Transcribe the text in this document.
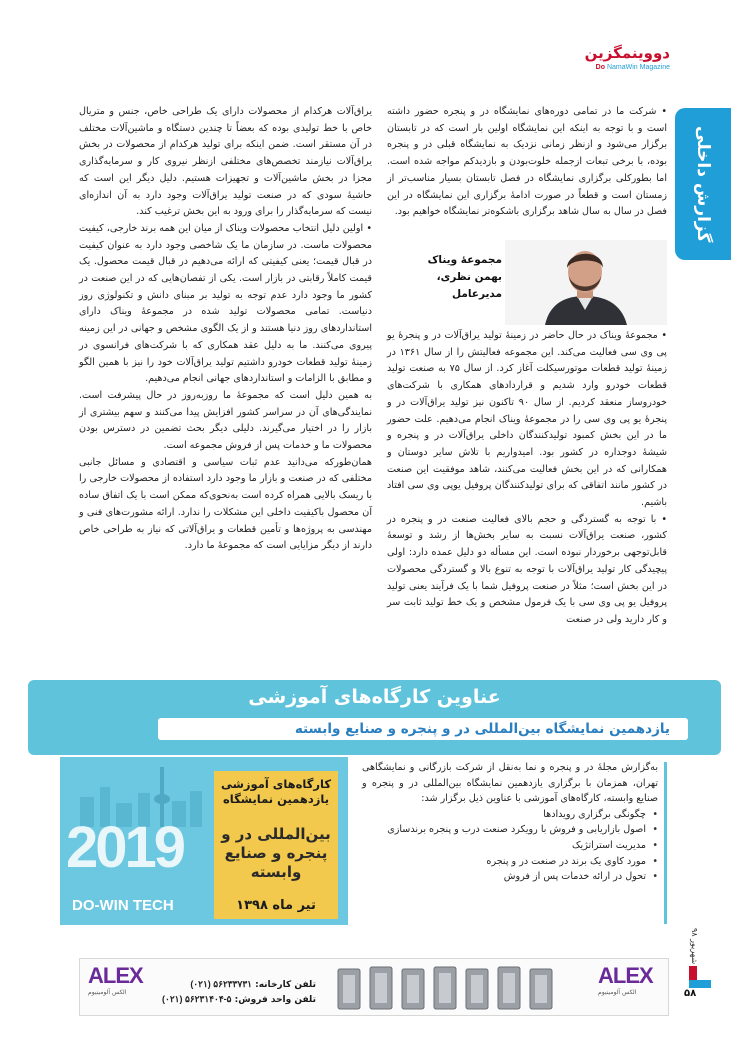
دووینمگزین
Do NamaWin Magazine
گزارش داخلی

• شرکت ما در تمامی دوره‌های نمایشگاه در و پنجره حضور داشته است و با توجه به اینکه این نمایشگاه اولین بار است که در تابستان برگزار می‌شود و ازنظر زمانی نزدیک به نمایشگاه قبلی در و پنجره بوده، با برخی تبعات ازجمله خلوت‌بودن و بازدیدکم مواجه شده است. اما بطورکلی برگزاری نمایشگاه در فصل تابستان بسیار مناسب‌تر از زمستان است و قطعاً در صورت ادامهٔ برگزاری این نمایشگاه در این فصل در سال به سال شاهد برگزاری باشکوه‌تر نمایشگاه خواهیم بود.

مجموعهٔ ویناک
بهمن نظری،
مدیرعامل

• مجموعهٔ ویناک در حال حاضر در زمینهٔ تولید یراق‌آلات در و پنجرهٔ یو پی وی سی فعالیت می‌کند. این مجموعه فعالیتش را از سال ۱۳۶۱ در زمینهٔ تولید قطعات موتورسیکلت آغاز کرد. از سال ۷۵ به صنعت تولید قطعات خودرو وارد شدیم و قراردادهای همکاری با شرکت‌های خودروساز منعقد کردیم. از سال ۹۰ تاکنون نیز تولید یراق‌آلات در و پنجرهٔ یو پی وی سی را در مجموعهٔ ویناک انجام می‌دهیم. علت حضور ما در این بخش کمبود تولیدکنندگان داخلی یراق‌آلات در و پنجره و شیشهٔ دوجداره در کشور بود. امیدواریم با تلاش سایر دوستان و همکارانی که در این بخش فعالیت می‌کنند، شاهد موفقیت این صنعت در کشور مانند اتفاقی که برای تولیدکنندگان پروفیل یوپی وی سی افتاد باشیم.

• با توجه به گستردگی و حجم بالای فعالیت صنعت در و پنجره در کشور، صنعت یراق‌آلات نسبت به سایر بخش‌ها از رشد و توسعهٔ قابل‌توجهی برخوردار نبوده است. این مسأله دو دلیل عمده دارد: اولی پیچیدگی کار تولید یراق‌آلات با توجه به تنوع بالا و گستردگی محصولات در این بخش است؛ مثلاً در صنعت پروفیل شما با یک فرآیند یعنی تولید پروفیل یو پی وی سی با یک فرمول مشخص و یک خط تولید ثابت سر و کار دارید ولی در صنعت

یراق‌آلات هرکدام از محصولات دارای یک طراحی خاص، جنس و متریال خاص با خط تولیدی بوده که بعضاً تا چندین دستگاه و ماشین‌آلات مختلف در آن مستقر است. ضمن اینکه برای تولید هرکدام از محصولات در بخش یراق‌آلات نیازمند تخصص‌های مختلفی ازنظر نیروی کار و سرمایه‌گذاری مجزا در بخش ماشین‌آلات و تجهیزات هستیم. دلیل دیگر این است که حاشیهٔ سودی که در صنعت تولید یراق‌آلات وجود دارد به آن اندازه‌ای نیست که سرمایه‌گذار را برای ورود به این بخش ترغیب کند.

• اولین دلیل انتخاب محصولات ویناک از میان این همه برند خارجی، کیفیت محصولات ماست. در سازمان ما یک شاخصی وجود دارد به عنوان کیفیت در قبال قیمت؛ یعنی کیفیتی که ارائه می‌دهیم در قبال قیمت محصول. یک قیمت کاملاً رقابتی در بازار است. یکی از تفصان‌هایی که در این صنعت در کشور ما وجود دارد عدم توجه به تولید بر مبنای دانش و تکنولوژی روز دنیاست. تمامی محصولات تولید شده در مجموعهٔ ویناک دارای استانداردهای روز دنیا هستند و از یک الگوی مشخص و جهانی در این زمینه پیروی می‌کنند. ما به دلیل عقد همکاری که با شرکت‌های فرانسوی در زمینهٔ تولید قطعات خودرو داشتیم تولید یراق‌آلات خود را نیز با همین الگو و مطابق با الزامات و استانداردهای جهانی انجام می‌دهیم.

به همین دلیل است که مجموعهٔ ما روزبه‌روز در حال پیشرفت است. نمایندگی‌های آن در سراسر کشور افزایش پیدا می‌کنند و سهم بیشتری از بازار را در اختیار می‌گیرند. دلیلی دیگر بحث تضمین در دسترس بودن محصولات ما و خدمات پس از فروش مجموعه است.

همان‌طورکه می‌دانید عدم ثبات سیاسی و اقتصادی و مسائل جانبی مختلفی که در صنعت و بازار ما وجود دارد استفاده از محصولات خارجی را با ریسک بالایی همراه کرده است به‌نحوی‌که ممکن است با یک اتفاق ساده آن محصول باکیفیت داخلی این مشکلات را ندارد. ارائه مشورت‌های فنی و مهندسی به پروژه‌ها و تأمین قطعات و یراق‌آلاتی که نیاز به طراحی خاص دارند از دیگر مزایایی است که مجموعهٔ ما دارد.

عناوین کارگاه‌های آموزشی
یازدهمین نمایشگاه بین‌المللی در و پنجره و صنایع وابسته
2019
DO-WIN TECH
کارگاه‌های آموزشی یازدهمین نمایشگاه
بین‌المللی در و پنجره و صنایع وابسته
تیر ماه ۱۳۹۸

به‌گزارش مجلهٔ در و پنجره و نما به‌نقل از شرکت بازرگانی و نمایشگاهی تهران، همزمان با برگزاری یازدهمین نمایشگاه بین‌المللی در و پنجره و صنایع وابسته، کارگاه‌های آموزشی با عناوین ذیل برگزار شد:

• چگونگی برگزاری رویدادها
• اصول بازاریابی و فروش با رویکرد صنعت درب و پنجره برندسازی
• مدیریت استراتژیک
• مورد کاوی یک برند در صنعت در و پنجره
• تحول در ارائه خدمات پس از فروش
ALEX
الکس آلومینیوم
تلفن کارخانه: (۰۲۱) ۵۶۲۳۳۷۳۱
تلفن واحد فروش: (۰۲۱) ۵۶۲۳۱۴۰۴-۵
ALEX
الکس آلومینیوم
شهریور ۹۸
۵۸
